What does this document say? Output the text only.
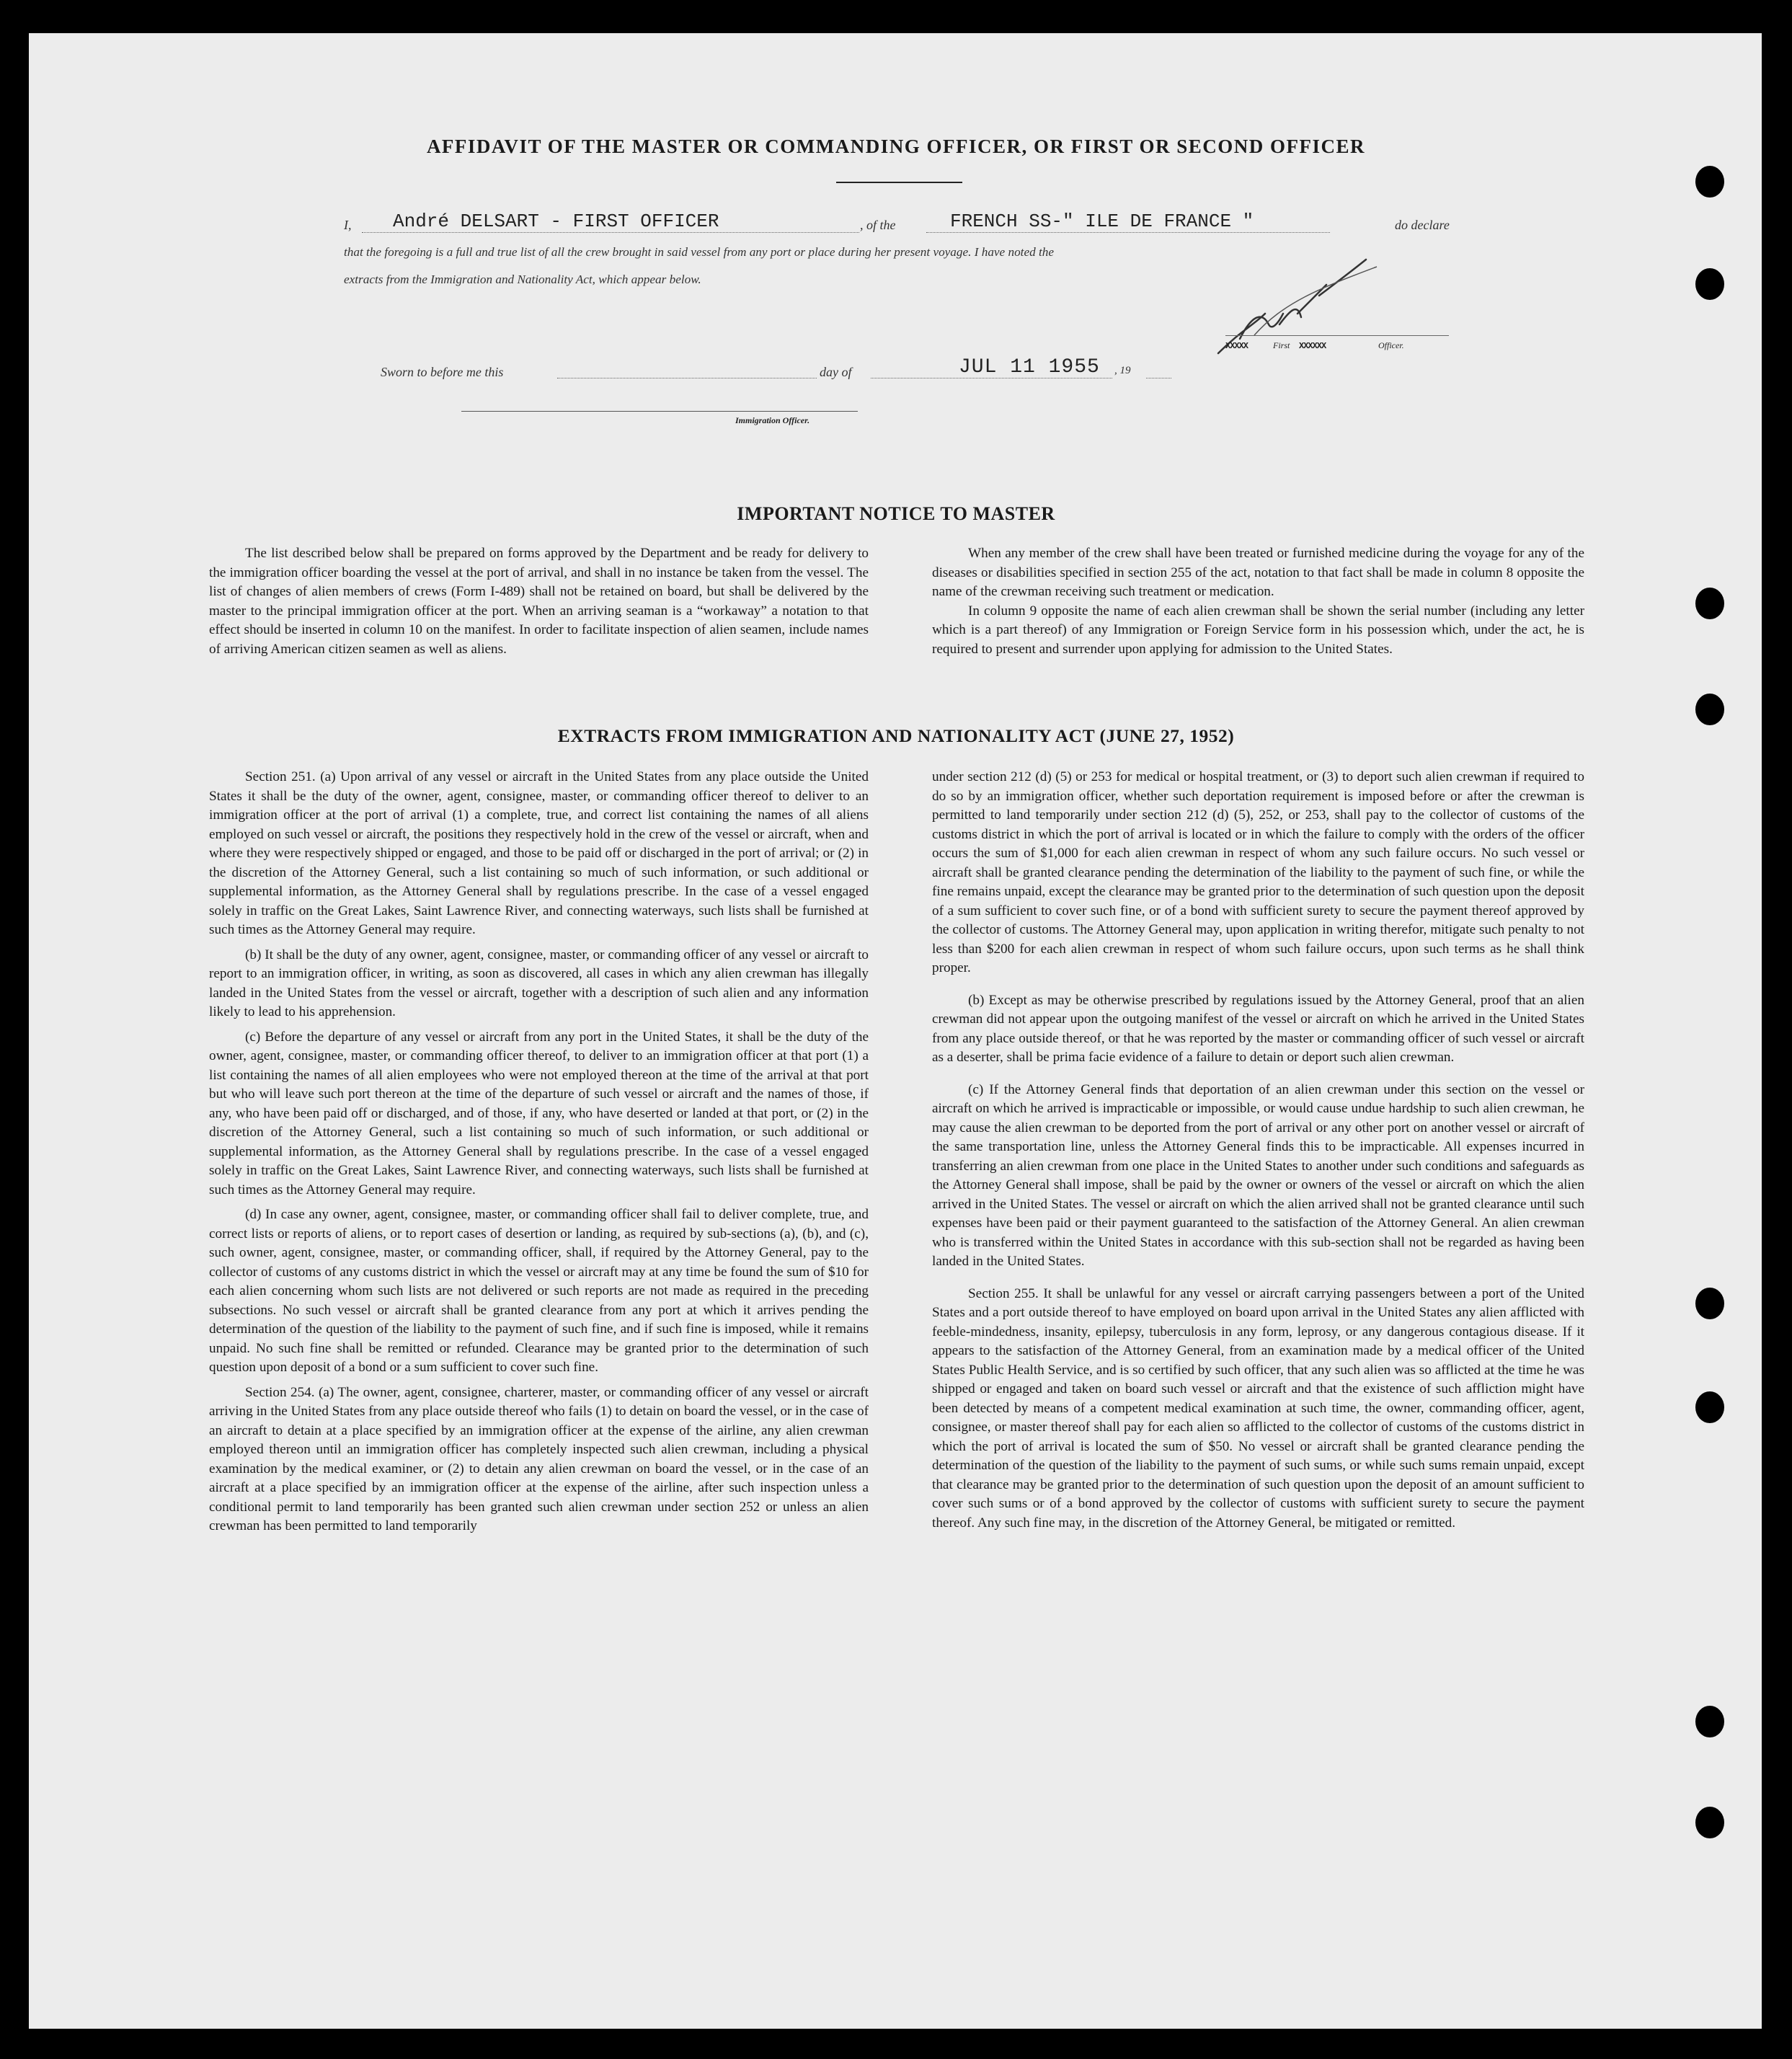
AFFIDAVIT OF THE MASTER OR COMMANDING OFFICER, OR FIRST OR SECOND OFFICER
I, André DELSART - FIRST OFFICER	, of the	FRENCH SS-" ILE DE FRANCE "	do declare
that the foregoing is a full and true list of all the crew brought in said vessel from any port or place during her present voyage. I have noted the
extracts from the Immigration and Nationality Act, which appear below.
XXXXX	First XXXXXX	Officer.
Sworn to before me this	day of	JUL 11 1955 , 19
Immigration Officer.
IMPORTANT NOTICE TO MASTER

The list described below shall be prepared on forms approved by the Department and be ready for delivery to the immigration officer boarding the vessel at the port of arrival, and shall in no instance be taken from the vessel. The list of changes of alien members of crews (Form I-489) shall not be retained on board, but shall be delivered by the master to the principal immigration officer at the port. When an arriving seaman is a “workaway” a notation to that effect should be inserted in column 10 on the manifest. In order to facilitate inspection of alien seamen, include names of arriving American citizen seamen as well as aliens.

When any member of the crew shall have been treated or furnished medicine during the voyage for any of the diseases or disabilities specified in section 255 of the act, notation to that fact shall be made in column 8 opposite the name of the crewman receiving such treatment or medication.

In column 9 opposite the name of each alien crewman shall be shown the serial number (including any letter which is a part thereof) of any Immigration or Foreign Service form in his possession which, under the act, he is required to present and surrender upon applying for admission to the United States.

EXTRACTS FROM IMMIGRATION AND NATIONALITY ACT (JUNE 27, 1952)

Section 251. (a) Upon arrival of any vessel or aircraft in the United States from any place outside the United States it shall be the duty of the owner, agent, consignee, master, or commanding officer thereof to deliver to an immigration officer at the port of arrival (1) a complete, true, and correct list containing the names of all aliens employed on such vessel or aircraft, the positions they respectively hold in the crew of the vessel or aircraft, when and where they were respectively shipped or engaged, and those to be paid off or discharged in the port of arrival; or (2) in the discretion of the Attorney General, such a list containing so much of such information, or such additional or supplemental information, as the Attorney General shall by regulations prescribe. In the case of a vessel engaged solely in traffic on the Great Lakes, Saint Lawrence River, and connecting waterways, such lists shall be furnished at such times as the Attorney General may require.

(b) It shall be the duty of any owner, agent, consignee, master, or commanding officer of any vessel or aircraft to report to an immigration officer, in writing, as soon as discovered, all cases in which any alien crewman has illegally landed in the United States from the vessel or aircraft, together with a description of such alien and any information likely to lead to his apprehension.

(c) Before the departure of any vessel or aircraft from any port in the United States, it shall be the duty of the owner, agent, consignee, master, or commanding officer thereof, to deliver to an immigration officer at that port (1) a list containing the names of all alien employees who were not employed thereon at the time of the arrival at that port but who will leave such port thereon at the time of the departure of such vessel or aircraft and the names of those, if any, who have been paid off or discharged, and of those, if any, who have deserted or landed at that port, or (2) in the discretion of the Attorney General, such a list containing so much of such information, or such additional or supplemental information, as the Attorney General shall by regulations prescribe. In the case of a vessel engaged solely in traffic on the Great Lakes, Saint Lawrence River, and connecting waterways, such lists shall be furnished at such times as the Attorney General may require.

(d) In case any owner, agent, consignee, master, or commanding officer shall fail to deliver complete, true, and correct lists or reports of aliens, or to report cases of desertion or landing, as required by sub-sections (a), (b), and (c), such owner, agent, consignee, master, or commanding officer, shall, if required by the Attorney General, pay to the collector of customs of any customs district in which the vessel or aircraft may at any time be found the sum of $10 for each alien concerning whom such lists are not delivered or such reports are not made as required in the preceding subsections. No such vessel or aircraft shall be granted clearance from any port at which it arrives pending the determination of the question of the liability to the payment of such fine, and if such fine is imposed, while it remains unpaid. No such fine shall be remitted or refunded. Clearance may be granted prior to the determination of such question upon deposit of a bond or a sum sufficient to cover such fine.

Section 254. (a) The owner, agent, consignee, charterer, master, or commanding officer of any vessel or aircraft arriving in the United States from any place outside thereof who fails (1) to detain on board the vessel, or in the case of an aircraft to detain at a place specified by an immigration officer at the expense of the airline, any alien crewman employed thereon until an immigration officer has completely inspected such alien crewman, including a physical examination by the medical examiner, or (2) to detain any alien crewman on board the vessel, or in the case of an aircraft at a place specified by an immigration officer at the expense of the airline, after such inspection unless a conditional permit to land temporarily has been granted such alien crewman under section 252 or unless an alien crewman has been permitted to land temporarily

under section 212 (d) (5) or 253 for medical or hospital treatment, or (3) to deport such alien crewman if required to do so by an immigration officer, whether such deportation requirement is imposed before or after the crewman is permitted to land temporarily under section 212 (d) (5), 252, or 253, shall pay to the collector of customs of the customs district in which the port of arrival is located or in which the failure to comply with the orders of the officer occurs the sum of $1,000 for each alien crewman in respect of whom any such failure occurs. No such vessel or aircraft shall be granted clearance pending the determination of the liability to the payment of such fine, or while the fine remains unpaid, except the clearance may be granted prior to the determination of such question upon the deposit of a sum sufficient to cover such fine, or of a bond with sufficient surety to secure the payment thereof approved by the collector of customs. The Attorney General may, upon application in writing therefor, mitigate such penalty to not less than $200 for each alien crewman in respect of whom such failure occurs, upon such terms as he shall think proper.

(b) Except as may be otherwise prescribed by regulations issued by the Attorney General, proof that an alien crewman did not appear upon the outgoing manifest of the vessel or aircraft on which he arrived in the United States from any place outside thereof, or that he was reported by the master or commanding officer of such vessel or aircraft as a deserter, shall be prima facie evidence of a failure to detain or deport such alien crewman.

(c) If the Attorney General finds that deportation of an alien crewman under this section on the vessel or aircraft on which he arrived is impracticable or impossible, or would cause undue hardship to such alien crewman, he may cause the alien crewman to be deported from the port of arrival or any other port on another vessel or aircraft of the same transportation line, unless the Attorney General finds this to be impracticable. All expenses incurred in transferring an alien crewman from one place in the United States to another under such conditions and safeguards as the Attorney General shall impose, shall be paid by the owner or owners of the vessel or aircraft on which the alien arrived in the United States. The vessel or aircraft on which the alien arrived shall not be granted clearance until such expenses have been paid or their payment guaranteed to the satisfaction of the Attorney General. An alien crewman who is transferred within the United States in accordance with this sub-section shall not be regarded as having been landed in the United States.

Section 255. It shall be unlawful for any vessel or aircraft carrying passengers between a port of the United States and a port outside thereof to have employed on board upon arrival in the United States any alien afflicted with feeble-mindedness, insanity, epilepsy, tuberculosis in any form, leprosy, or any dangerous contagious disease. If it appears to the satisfaction of the Attorney General, from an examination made by a medical officer of the United States Public Health Service, and is so certified by such officer, that any such alien was so afflicted at the time he was shipped or engaged and taken on board such vessel or aircraft and that the existence of such affliction might have been detected by means of a competent medical examination at such time, the owner, commanding officer, agent, consignee, or master thereof shall pay for each alien so afflicted to the collector of customs of the customs district in which the port of arrival is located the sum of $50. No vessel or aircraft shall be granted clearance pending the determination of the question of the liability to the payment of such sums, or while such sums remain unpaid, except that clearance may be granted prior to the determination of such question upon the deposit of an amount sufficient to cover such sums or of a bond approved by the collector of customs with sufficient surety to secure the payment thereof. Any such fine may, in the discretion of the Attorney General, be mitigated or remitted.
